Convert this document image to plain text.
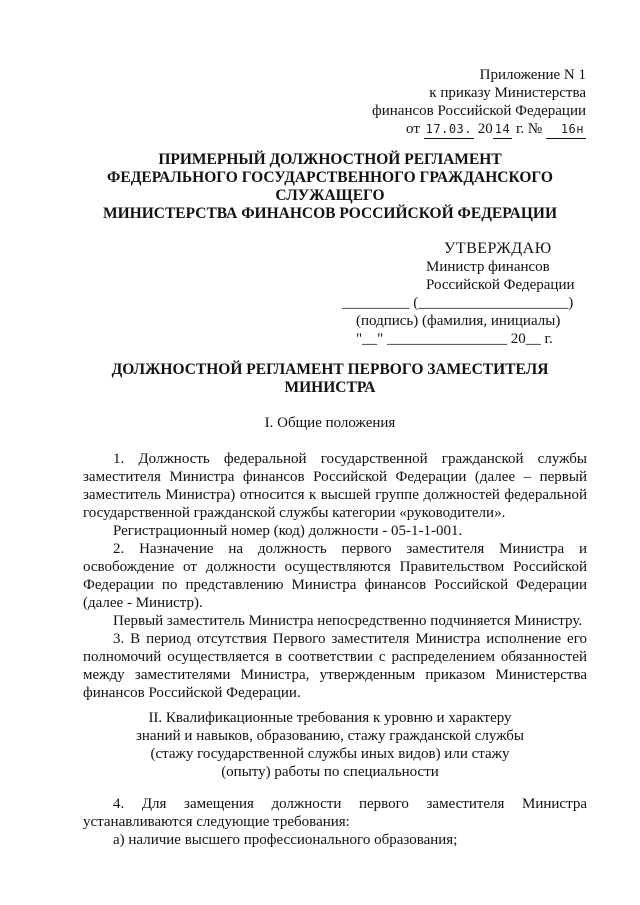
Приложение N 1
к приказу Министерства
финансов Российской Федерации
от 17.03. 20 14 г. № 16н
ПРИМЕРНЫЙ ДОЛЖНОСТНОЙ РЕГЛАМЕНТ
ФЕДЕРАЛЬНОГО ГОСУДАРСТВЕННОГО ГРАЖДАНСКОГО
СЛУЖАЩЕГО
МИНИСТЕРСТВА ФИНАНСОВ РОССИЙСКОЙ ФЕДЕРАЦИИ
УТВЕРЖДАЮ
Министр финансов
Российской Федерации
_________ (____________________)
(подпись) (фамилия, инициалы)
"__" ________________ 20__ г.
ДОЛЖНОСТНОЙ РЕГЛАМЕНТ ПЕРВОГО ЗАМЕСТИТЕЛЯ
МИНИСТРА
I. Общие положения

1. Должность федеральной государственной гражданской службы заместителя Министра финансов Российской Федерации (далее – первый заместитель Министра) относится к высшей группе должностей федеральной государственной гражданской службы категории «руководители».

Регистрационный номер (код) должности - 05-1-1-001.

2. Назначение на должность первого заместителя Министра и освобождение от должности осуществляются Правительством Российской Федерации по представлению Министра финансов Российской Федерации (далее - Министр).

Первый заместитель Министра непосредственно подчиняется Министру.

3. В период отсутствия Первого заместителя Министра исполнение его полномочий осуществляется в соответствии с распределением обязанностей между заместителями Министра, утвержденным приказом Министерства финансов Российской Федерации.

II. Квалификационные требования к уровню и характеру
знаний и навыков, образованию, стажу гражданской службы
(стажу государственной службы иных видов) или стажу
(опыту) работы по специальности

4. Для замещения должности первого заместителя Министра устанавливаются следующие требования:

а) наличие высшего профессионального образования;
